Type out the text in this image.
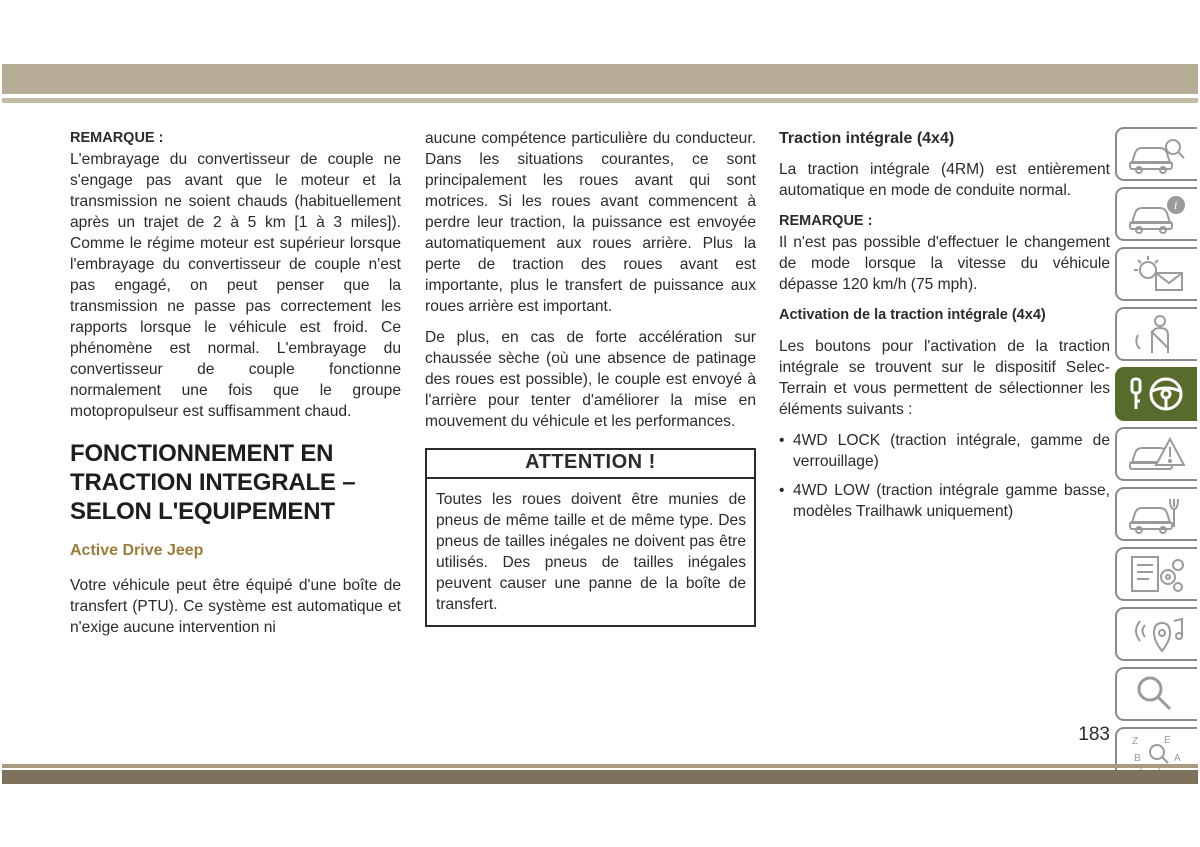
REMARQUE :

L'embrayage du convertisseur de couple ne s'engage pas avant que le moteur et la transmission ne soient chauds (habituellement après un trajet de 2 à 5 km [1 à 3 miles]). Comme le régime moteur est supérieur lorsque l'embrayage du convertisseur de couple n'est pas engagé, on peut penser que la transmission ne passe pas correctement les rapports lorsque le véhicule est froid. Ce phénomène est normal. L'embrayage du convertisseur de couple fonctionne normalement une fois que le groupe motopropulseur est suffisamment chaud.

FONCTIONNEMENT EN TRACTION INTEGRALE – SELON L'EQUIPEMENT
Active Drive Jeep

Votre véhicule peut être équipé d'une boîte de transfert (PTU). Ce système est automatique et n'exige aucune intervention ni

aucune compétence particulière du conducteur. Dans les situations courantes, ce sont principalement les roues avant qui sont motrices. Si les roues avant commencent à perdre leur traction, la puissance est envoyée automatiquement aux roues arrière. Plus la perte de traction des roues avant est importante, plus le transfert de puissance aux roues arrière est important.

De plus, en cas de forte accélération sur chaussée sèche (où une absence de patinage des roues est possible), le couple est envoyé à l'arrière pour tenter d'améliorer la mise en mouvement du véhicule et les performances.

ATTENTION !
Toutes les roues doivent être munies de pneus de même taille et de même type. Des pneus de tailles inégales ne doivent pas être utilisés. Des pneus de tailles inégales peuvent causer une panne de la boîte de transfert.
Traction intégrale (4x4)

La traction intégrale (4RM) est entièrement automatique en mode de conduite normal.

REMARQUE :

Il n'est pas possible d'effectuer le changement de mode lorsque la vitesse du véhicule dépasse 120 km/h (75 mph).

Activation de la traction intégrale (4x4)

Les boutons pour l'activation de la traction intégrale se trouvent sur le dispositif Selec-Terrain et vous permettent de sélectionner les éléments suivants :

• 4WD LOCK (traction intégrale, gamme de verrouillage)
• 4WD LOW (traction intégrale gamme basse, modèles Trailhawk uniquement)
i
Z	E
B	A
183
